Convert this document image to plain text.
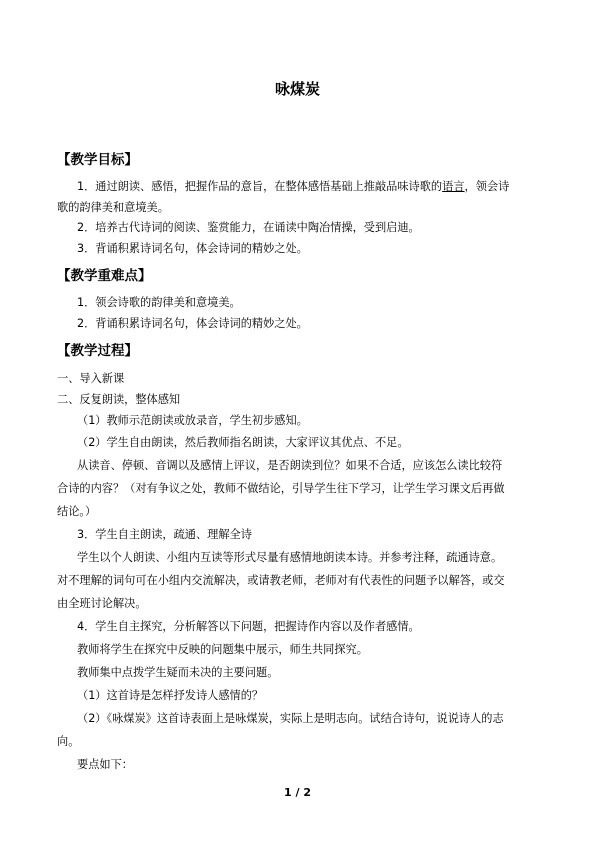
咏煤炭
【教学目标】
1．通过朗读、感悟，把握作品的意旨，在整体感悟基础上推敲品味诗歌的语言，领会诗
歌的韵律美和意境美。
2．培养古代诗词的阅读、鉴赏能力，在诵读中陶冶情操，受到启迪。
3．背诵积累诗词名句，体会诗词的精妙之处。
【教学重难点】
1．领会诗歌的韵律美和意境美。
2．背诵积累诗词名句，体会诗词的精妙之处。
【教学过程】
一、导入新课
二、反复朗读，整体感知
（1）教师示范朗读或放录音，学生初步感知。
（2）学生自由朗读，然后教师指名朗读，大家评议其优点、不足。
从读音、停顿、音调以及感情上评议，是否朗读到位？如果不合适，应该怎么读比较符
合诗的内容？（对有争议之处，教师不做结论，引导学生往下学习，让学生学习课文后再做
结论。）
3．学生自主朗读，疏通、理解全诗
学生以个人朗读、小组内互读等形式尽量有感情地朗读本诗。并参考注释，疏通诗意。
对不理解的词句可在小组内交流解决，或请教老师，老师对有代表性的问题予以解答，或交
由全班讨论解决。
4．学生自主探究，分析解答以下问题，把握诗作内容以及作者感情。
教师将学生在探究中反映的问题集中展示，师生共同探究。
教师集中点拨学生疑而未决的主要问题。
（1）这首诗是怎样抒发诗人感情的？
（2）《咏煤炭》这首诗表面上是咏煤炭，实际上是明志向。试结合诗句，说说诗人的志
向。
要点如下：
1 / 2
